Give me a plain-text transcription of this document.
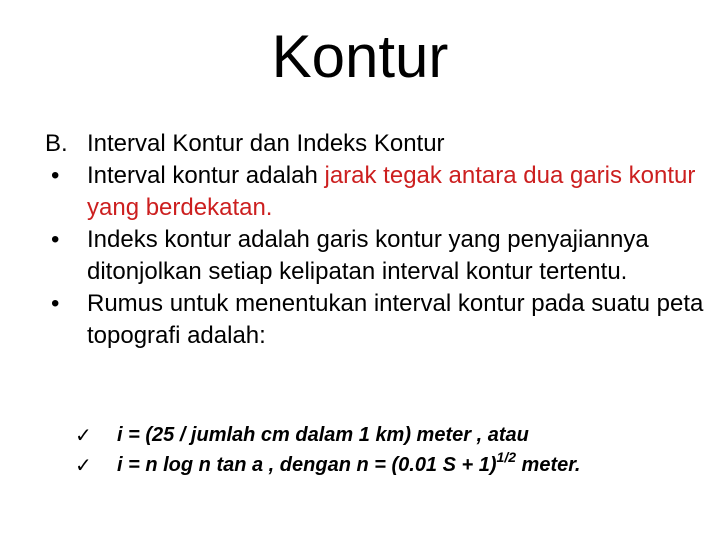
Kontur
B. Interval Kontur dan Indeks Kontur
•	Interval kontur adalah jarak tegak antara dua garis kontur yang berdekatan.
•	Indeks kontur adalah garis kontur yang penyajiannya ditonjolkan setiap kelipatan interval kontur tertentu.
•	Rumus untuk menentukan interval kontur pada suatu peta topografi adalah:
✓ i = (25 / jumlah cm dalam 1 km) meter , atau
✓ i = n log n tan a , dengan n = (0.01 S + 1)$^{1/2}$ meter.
